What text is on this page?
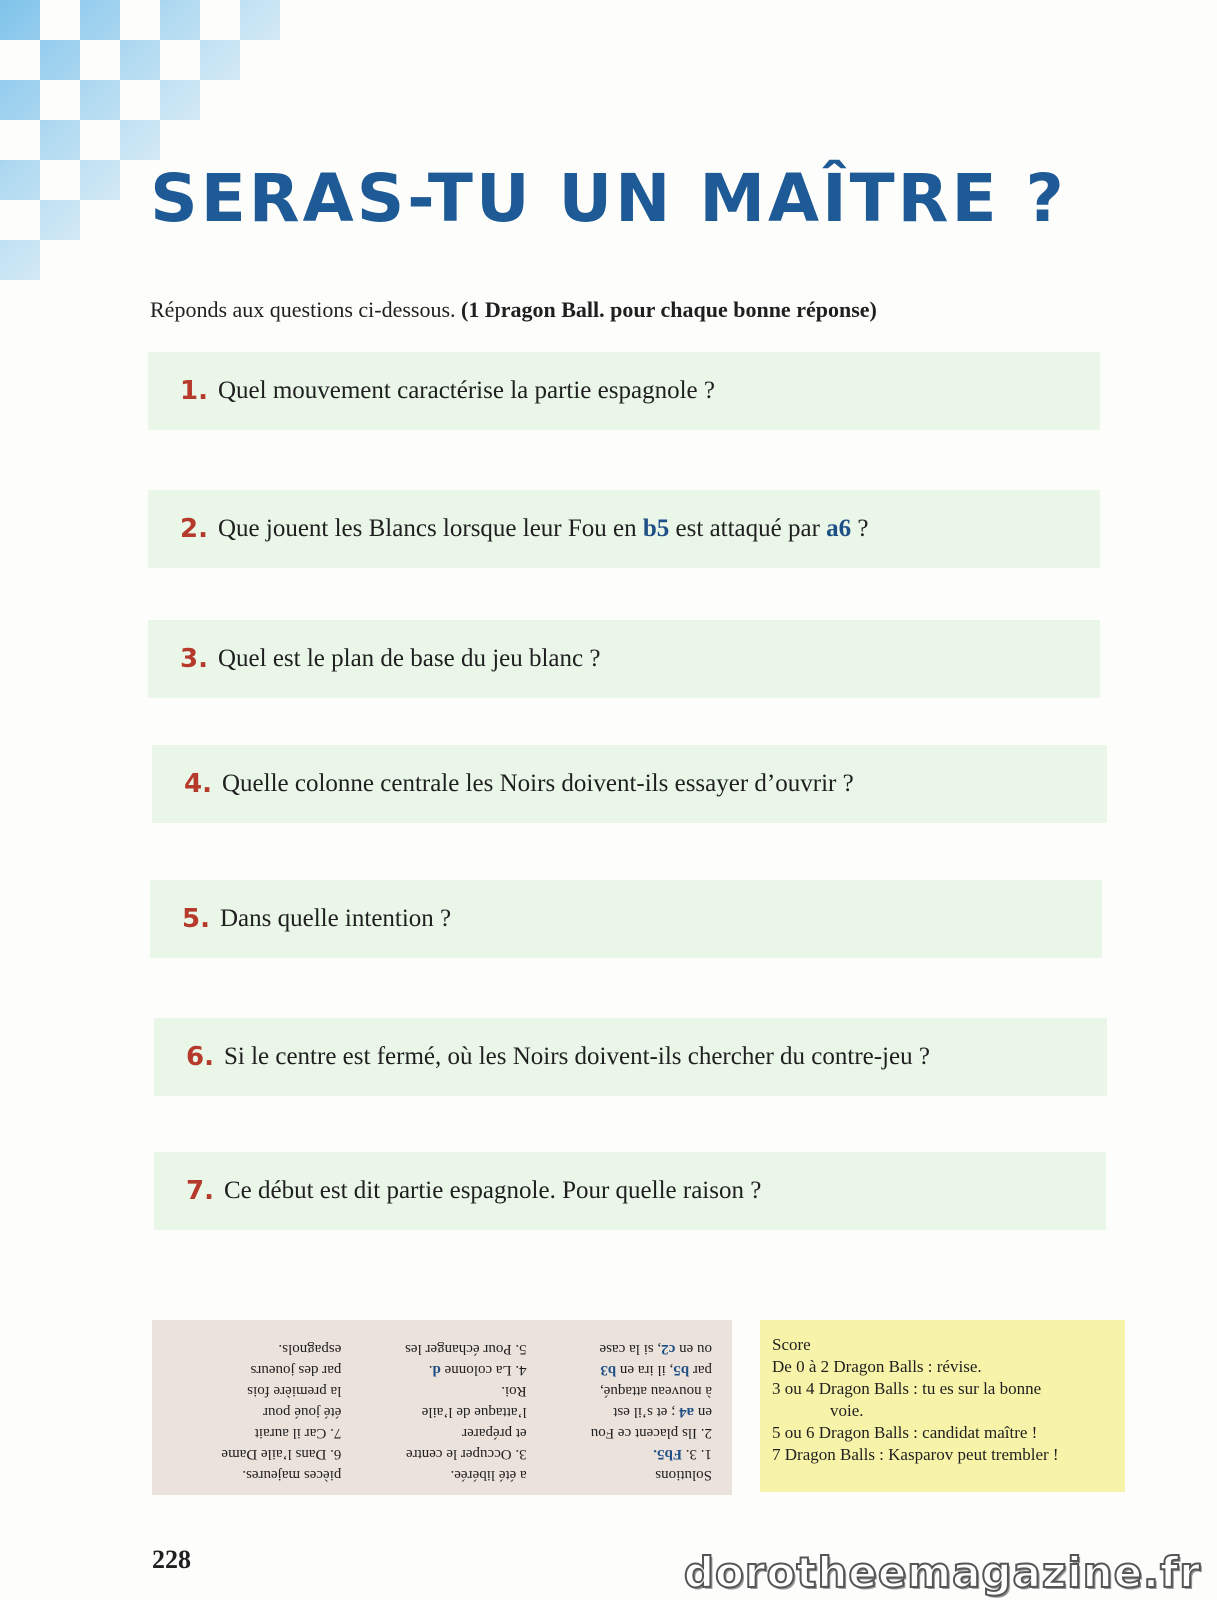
SERAS-TU UN MAÎTRE ?
Réponds aux questions ci-dessous. (1 Dragon Ball. pour chaque bonne réponse)
1. Quel mouvement caractérise la partie espagnole ?
2. Que jouent les Blancs lorsque leur Fou en b5 est attaqué par a6 ?
3. Quel est le plan de base du jeu blanc ?
4. Quelle colonne centrale les Noirs doivent-ils essayer d’ouvrir ?
5. Dans quelle intention ?
6. Si le centre est fermé, où les Noirs doivent-ils chercher du contre-jeu ?
7. Ce début est dit partie espagnole. Pour quelle raison ?
Solutions
1. 3. Fb5.
2. Ils placent ce Fou
en a4 ; et s’il est
à nouveau attaqué,
par b5, il ira en b3
ou en c2, si la case
a été libérée.
3. Occuper le centre
et préparer
l’attaque de l’aile
Roi.
4. La colonne d.
5. Pour échanger les
pièces majeures.
6. Dans l’aile Dame
7. Car il aurait
été joué pour
la première fois
par des joueurs
espagnols.	Score
De 0 à 2 Dragon Balls : révise.
3 ou 4 Dragon Balls : tu es sur la bonne
voie.
5 ou 6 Dragon Balls : candidat maître !
7 Dragon Balls : Kasparov peut trembler !
228	dorotheemagazine.fr
